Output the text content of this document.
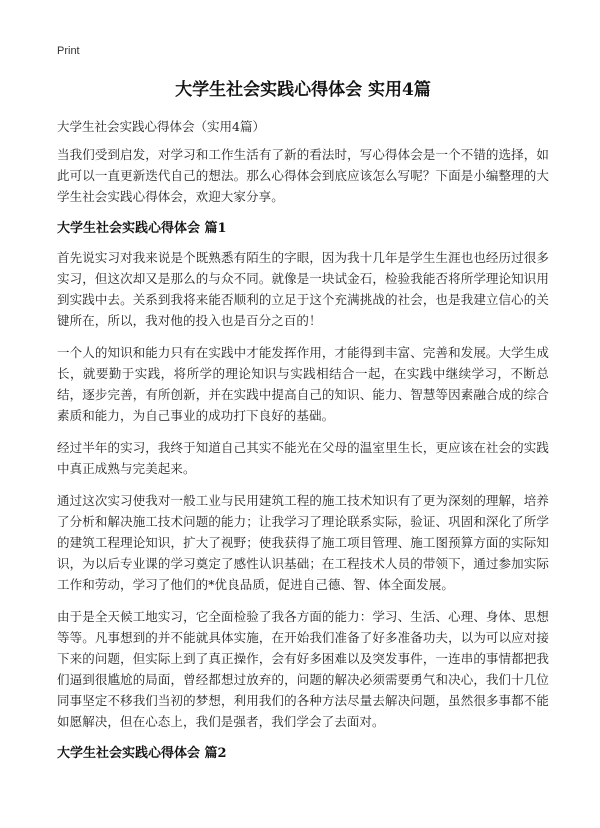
Print
大学生社会实践心得体会 实用4篇
大学生社会实践心得体会（实用4篇）
当我们受到启发，对学习和工作生活有了新的看法时，写心得体会是一个不错的选择，如此可以一直更新迭代自己的想法。那么心得体会到底应该怎么写呢？下面是小编整理的大学生社会实践心得体会，欢迎大家分享。
大学生社会实践心得体会 篇1
首先说实习对我来说是个既熟悉有陌生的字眼，因为我十几年是学生生涯也也经历过很多实习，但这次却又是那么的与众不同。就像是一块试金石，检验我能否将所学理论知识用到实践中去。关系到我将来能否顺利的立足于这个充满挑战的社会，也是我建立信心的关键所在，所以，我对他的投入也是百分之百的！
一个人的知识和能力只有在实践中才能发挥作用，才能得到丰富、完善和发展。大学生成长，就要勤于实践，将所学的理论知识与实践相结合一起，在实践中继续学习，不断总结，逐步完善，有所创新，并在实践中提高自己的知识、能力、智慧等因素融合成的综合素质和能力，为自己事业的成功打下良好的基础。
经过半年的实习，我终于知道自己其实不能光在父母的温室里生长，更应该在社会的实践中真正成熟与完美起来。
通过这次实习使我对一般工业与民用建筑工程的施工技术知识有了更为深刻的理解，培养了分析和解决施工技术问题的能力；让我学习了理论联系实际，验证、巩固和深化了所学的建筑工程理论知识，扩大了视野；使我获得了施工项目管理、施工图预算方面的实际知识，为以后专业课的学习奠定了感性认识基础；在工程技术人员的带领下，通过参加实际工作和劳动，学习了他们的*优良品质，促进自己德、智、体全面发展。
由于是全天候工地实习，它全面检验了我各方面的能力：学习、生活、心理、身体、思想等等。凡事想到的并不能就具体实施，在开始我们准备了好多准备功夫，以为可以应对接下来的问题，但实际上到了真正操作，会有好多困难以及突发事件，一连串的事情都把我们逼到很尴尬的局面，曾经都想过放弃的，问题的解决必须需要勇气和决心，我们十几位同事坚定不移我们当初的梦想，利用我们的各种方法尽量去解决问题，虽然很多事都不能如愿解决，但在心态上，我们是强者，我们学会了去面对。
大学生社会实践心得体会 篇2
